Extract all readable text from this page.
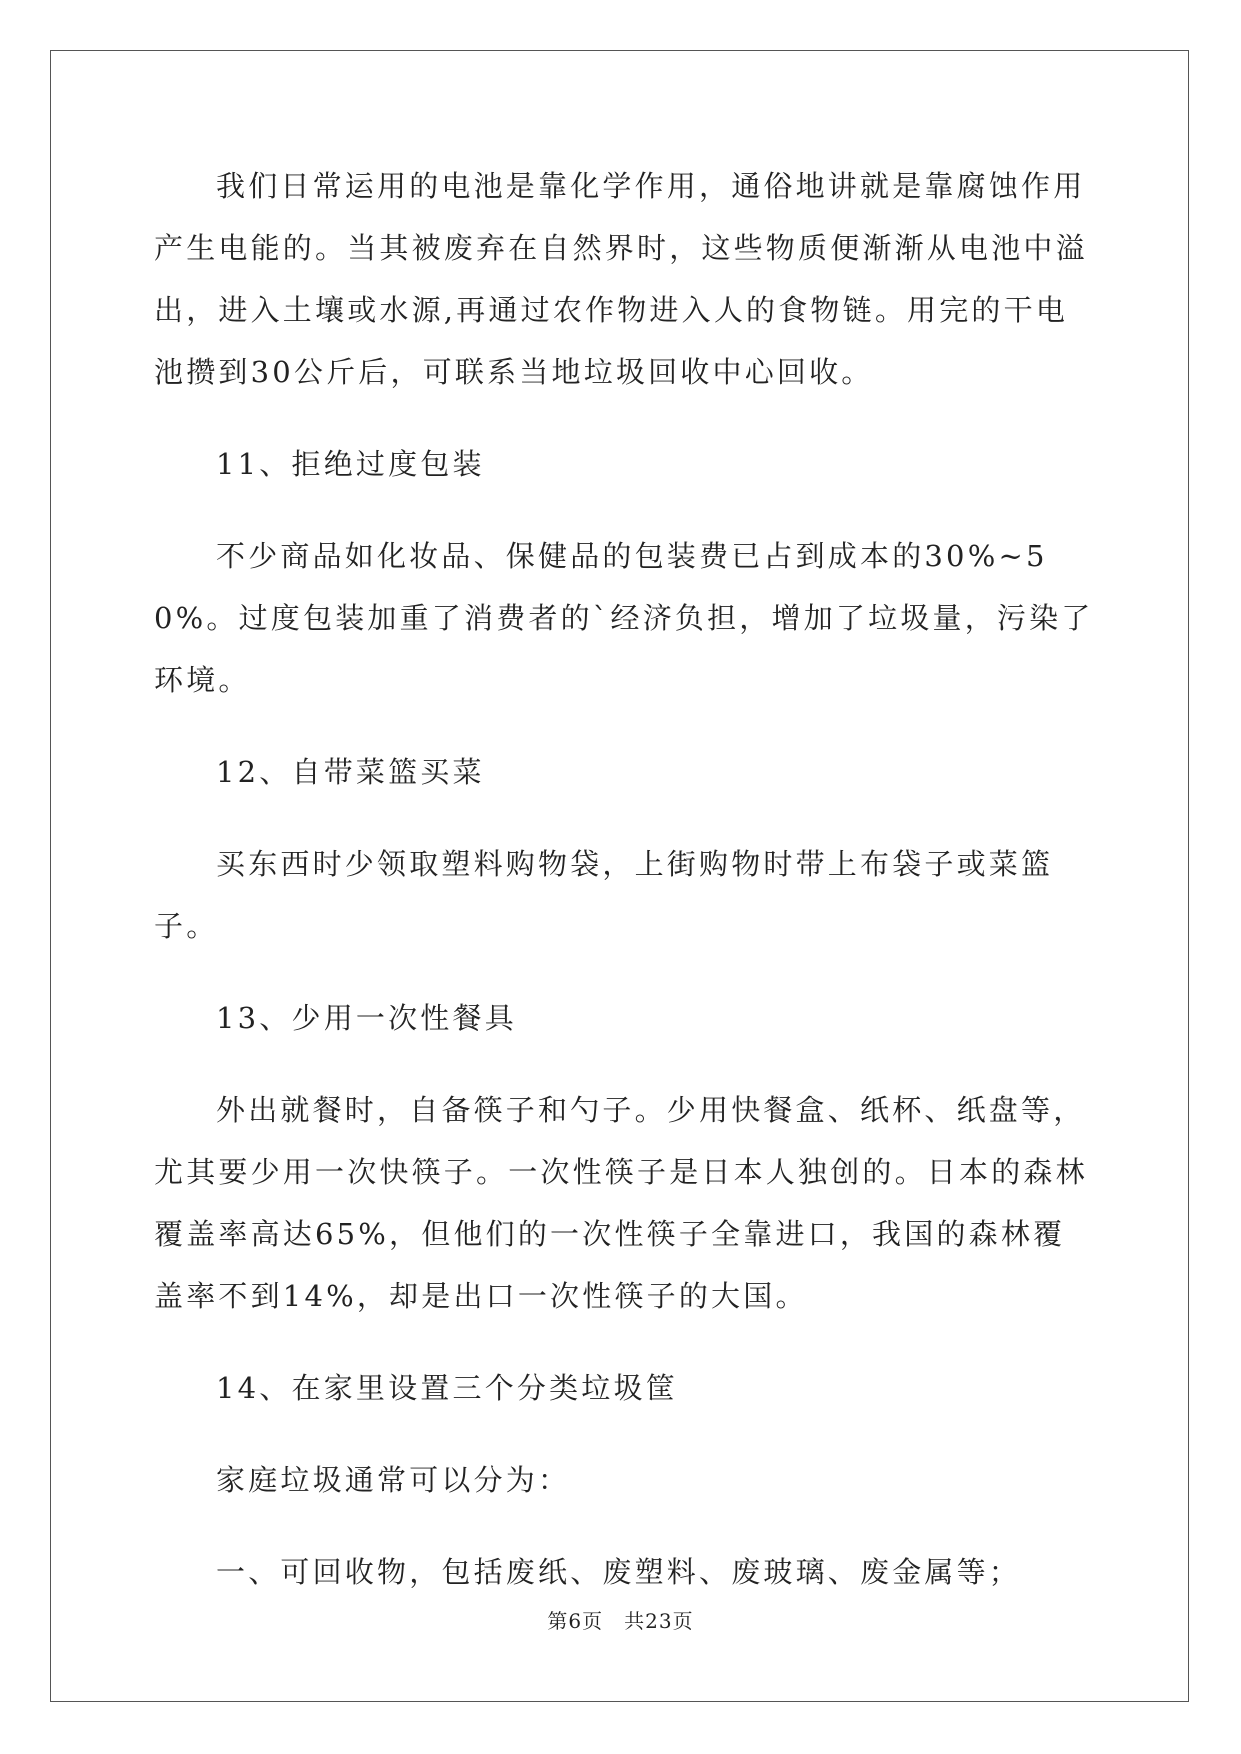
我们日常运用的电池是靠化学作用，通俗地讲就是靠腐蚀作用产生电能的。当其被废弃在自然界时，这些物质便渐渐从电池中溢出，进入土壤或水源,再通过农作物进入人的食物链。用完的干电池攒到30公斤后，可联系当地垃圾回收中心回收。

11、拒绝过度包装

不少商品如化妆品、保健品的包装费已占到成本的30%~50%。过度包装加重了消费者的`经济负担，增加了垃圾量，污染了环境。

12、自带菜篮买菜

买东西时少领取塑料购物袋，上街购物时带上布袋子或菜篮子。

13、少用一次性餐具

外出就餐时，自备筷子和勺子。少用快餐盒、纸杯、纸盘等，尤其要少用一次快筷子。一次性筷子是日本人独创的。日本的森林覆盖率高达65%，但他们的一次性筷子全靠进口，我国的森林覆盖率不到14%，却是出口一次性筷子的大国。

14、在家里设置三个分类垃圾筐

家庭垃圾通常可以分为：

一、可回收物，包括废纸、废塑料、废玻璃、废金属等；

第6页　共23页
